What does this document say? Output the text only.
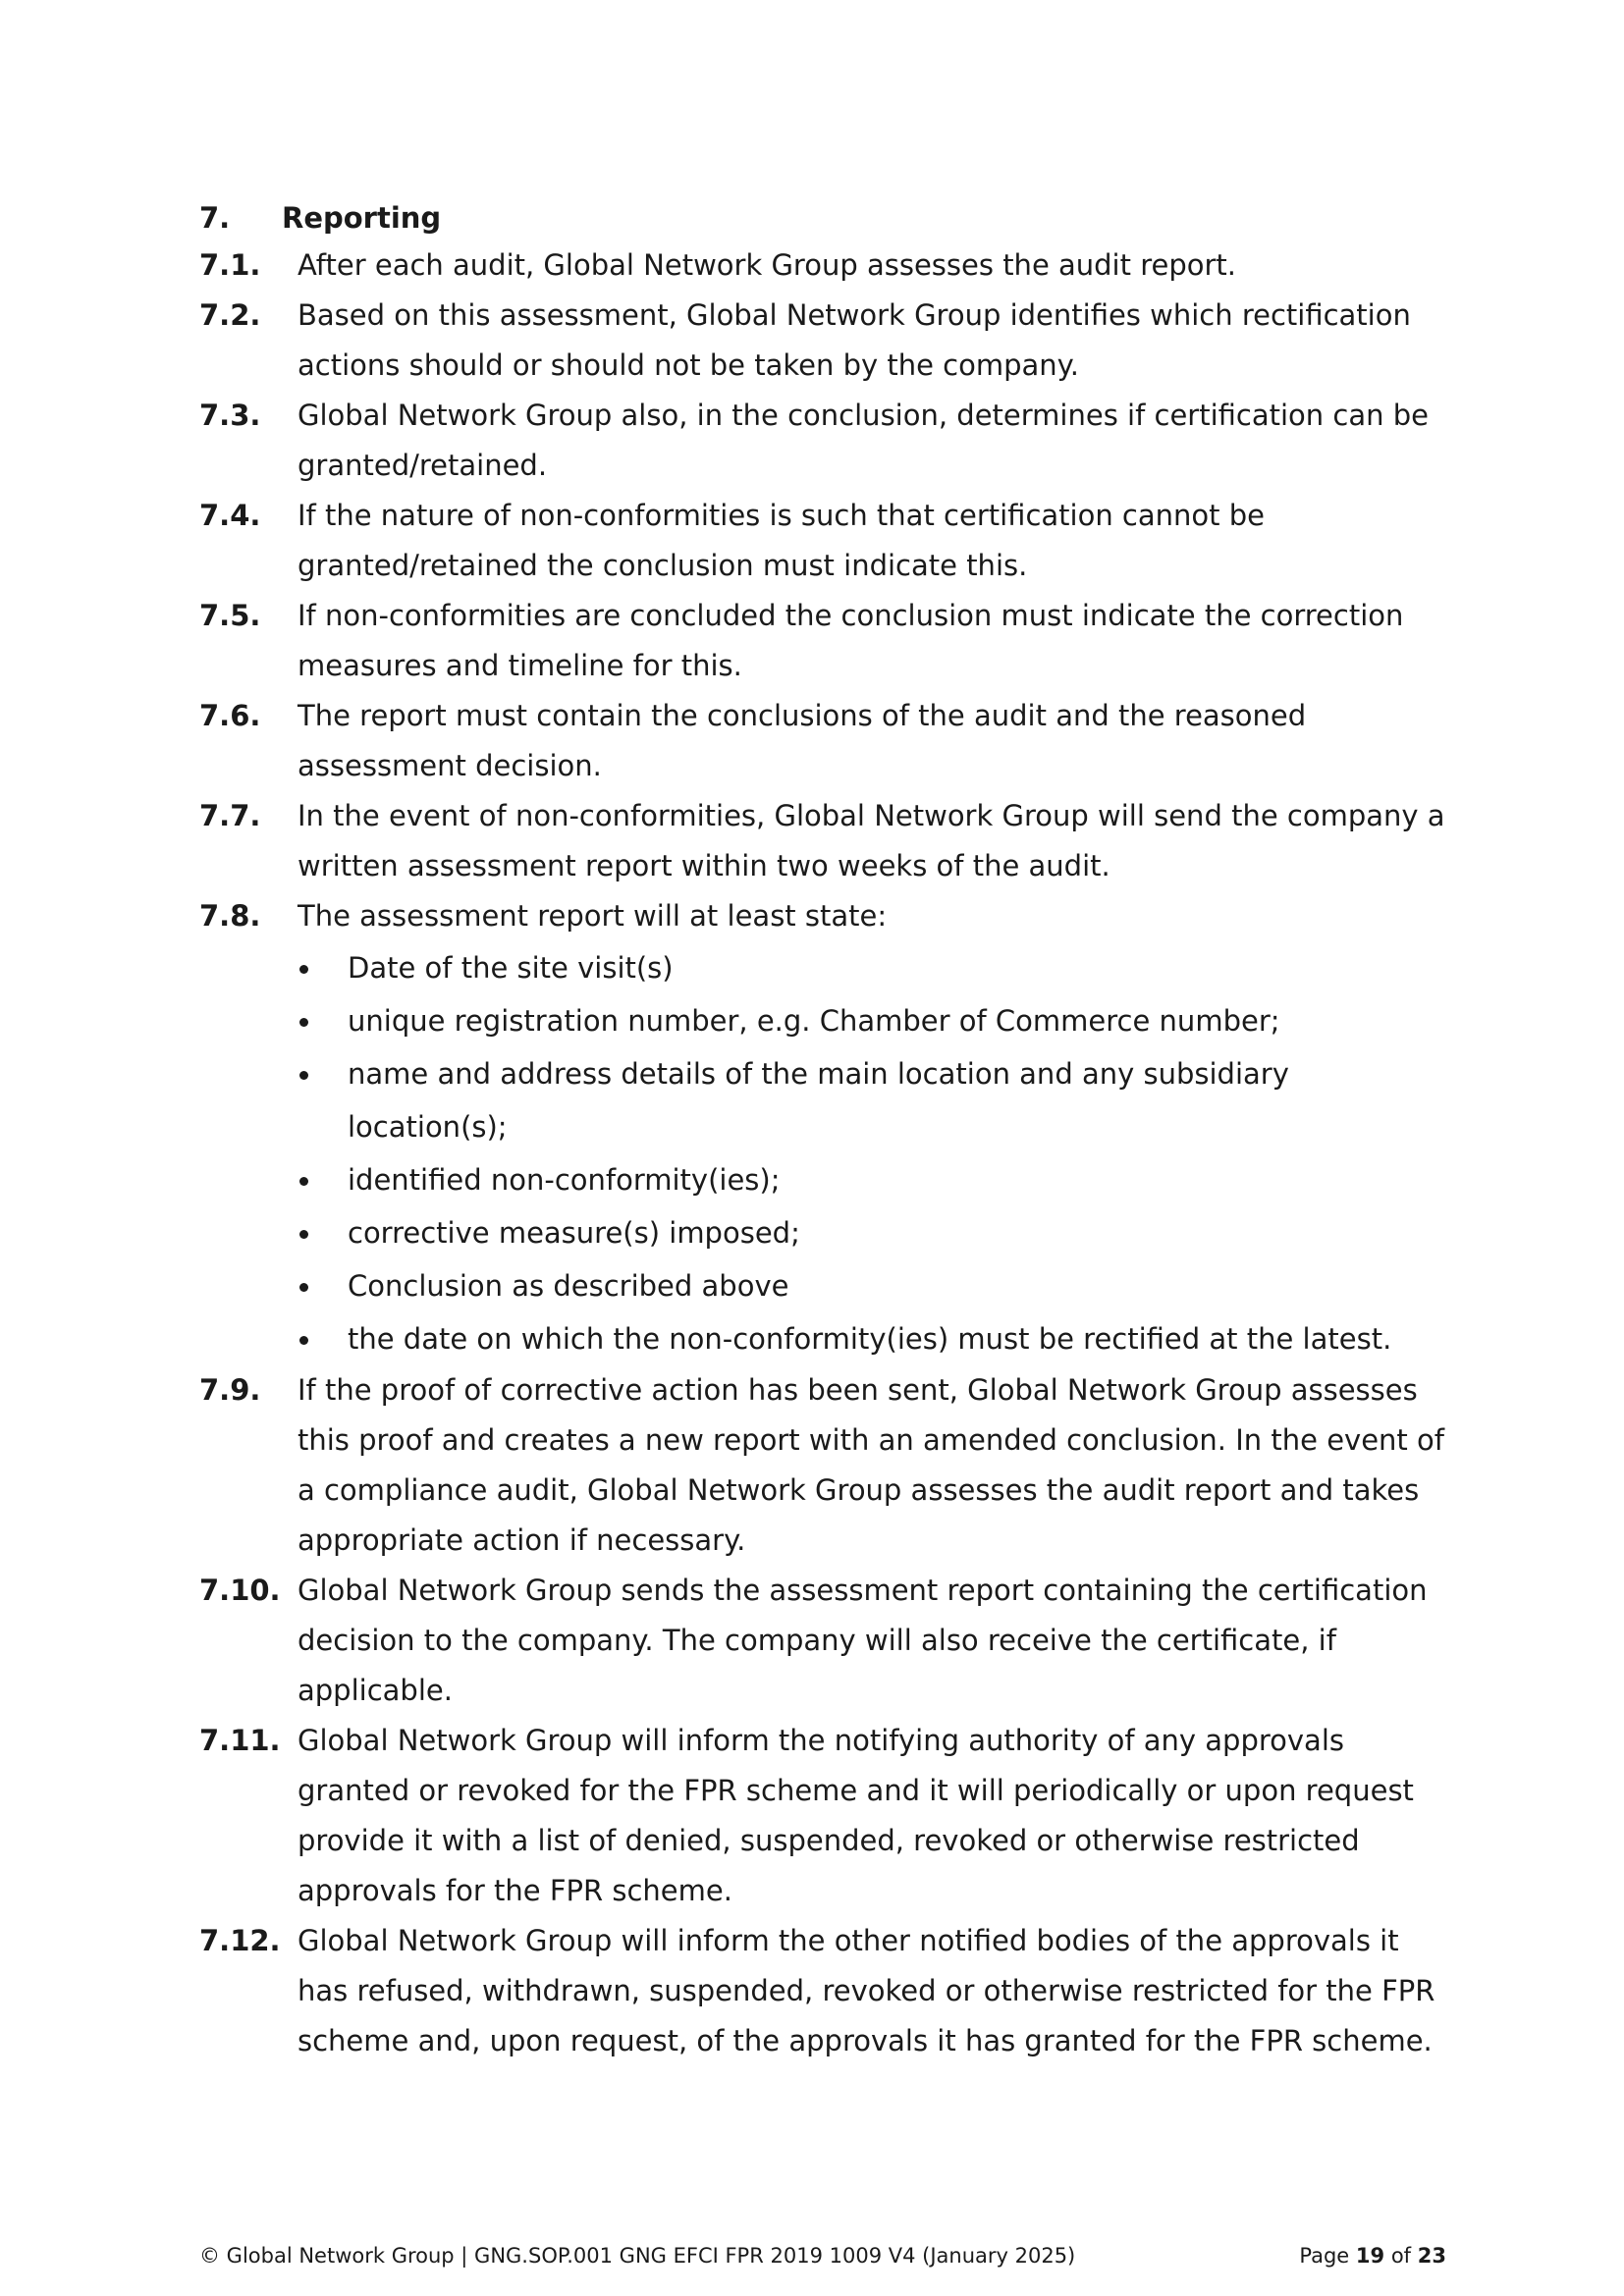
7. Reporting
7.1.	After each audit, Global Network Group assesses the audit report.
7.2.	Based on this assessment, Global Network Group identifies which rectification actions should or should not be taken by the company.
7.3.	Global Network Group also, in the conclusion, determines if certification can be granted/retained.
7.4.	If the nature of non-conformities is such that certification cannot be granted/retained the conclusion must indicate this.
7.5.	If non-conformities are concluded the conclusion must indicate the correction measures and timeline for this.
7.6.	The report must contain the conclusions of the audit and the reasoned assessment decision.
7.7.	In the event of non-conformities, Global Network Group will send the company a written assessment report within two weeks of the audit.
7.8.	The assessment report will at least state:
Date of the site visit(s)
unique registration number, e.g. Chamber of Commerce number;
name and address details of the main location and any subsidiary location(s);
identified non-conformity(ies);
corrective measure(s) imposed;
Conclusion as described above
the date on which the non-conformity(ies) must be rectified at the latest.
7.9.	If the proof of corrective action has been sent, Global Network Group assesses this proof and creates a new report with an amended conclusion. In the event of a compliance audit, Global Network Group assesses the audit report and takes appropriate action if necessary.
7.10. Global Network Group sends the assessment report containing the certification decision to the company. The company will also receive the certificate, if applicable.
7.11. Global Network Group will inform the notifying authority of any approvals granted or revoked for the FPR scheme and it will periodically or upon request provide it with a list of denied, suspended, revoked or otherwise restricted approvals for the FPR scheme.
7.12. Global Network Group will inform the other notified bodies of the approvals it has refused, withdrawn, suspended, revoked or otherwise restricted for the FPR scheme and, upon request, of the approvals it has granted for the FPR scheme.
© Global Network Group | GNG.SOP.001 GNG EFCI FPR 2019 1009 V4 (January 2025)	Page 19 of 23
